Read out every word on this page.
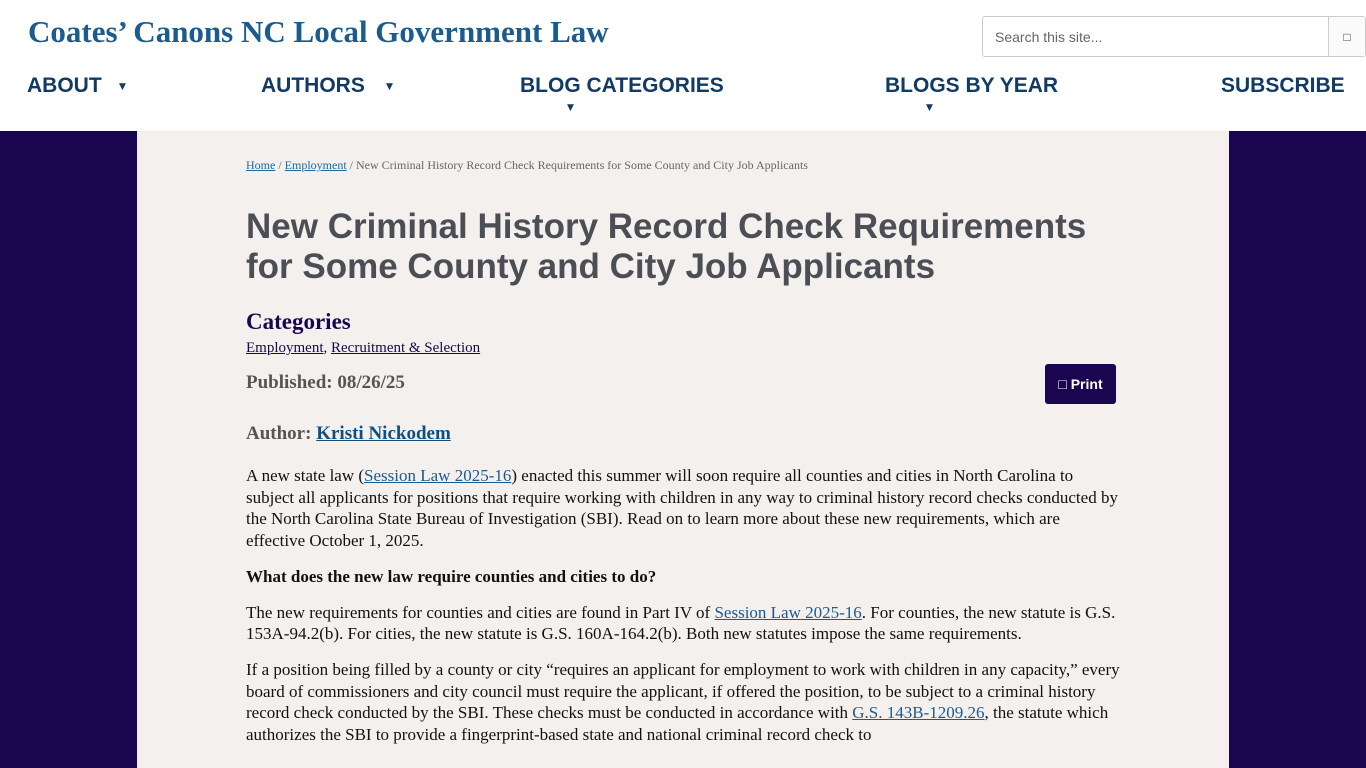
Coates’ Canons NC Local Government Law
Search this site...	□
ABOUT ▼	AUTHORS ▼	BLOG CATEGORIES
▼
BLOGS BY YEAR
▼
SUBSCRIBE
Home / Employment / New Criminal History Record Check Requirements for Some County and City Job Applicants
New Criminal History Record Check Requirements for Some County and City Job Applicants
Categories
Employment, Recruitment & Selection
Published: 08/26/25	□ Print
Author: Kristi Nickodem

A new state law (Session Law 2025-16) enacted this summer will soon require all counties and cities in North Carolina to subject all applicants for positions that require working with children in any way to criminal history record checks conducted by the North Carolina State Bureau of Investigation (SBI). Read on to learn more about these new requirements, which are effective October 1, 2025.

What does the new law require counties and cities to do?

The new requirements for counties and cities are found in Part IV of Session Law 2025-16. For counties, the new statute is G.S. 153A-94.2(b). For cities, the new statute is G.S. 160A-164.2(b). Both new statutes impose the same requirements.

If a position being filled by a county or city “requires an applicant for employment to work with children in any capacity,” every board of commissioners and city council must require the applicant, if offered the position, to be subject to a criminal history record check conducted by the SBI. These checks must be conducted in accordance with G.S. 143B-1209.26, the statute which authorizes the SBI to provide a fingerprint-based state and national criminal record check to
